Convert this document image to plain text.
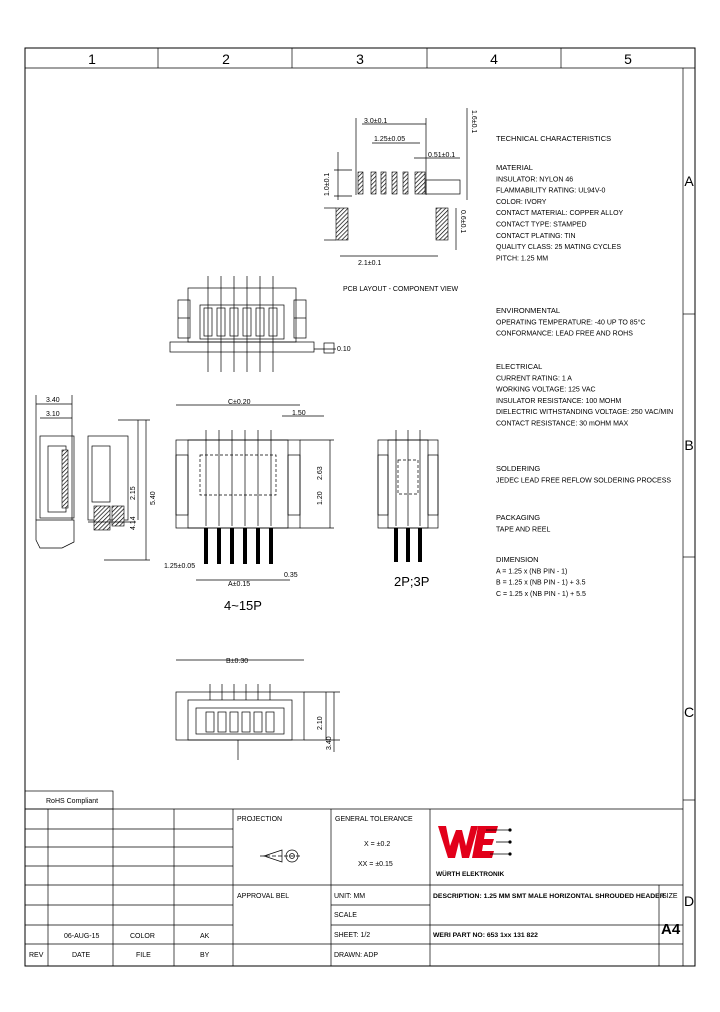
1	2	3	4	5
A
B
C
D
3.0±0.1
1.25±0.05
0.51±0.1
1.0±0.1
1.6±0.1
0.6±0.1
2.1±0.1
PCB LAYOUT - COMPONENT VIEW
0.10
3.40
3.10
2.15
4.14
5.40
C±0.20
1.50
2.63
1.20
1.25±0.05
A±0.15
0.35
4~15P
2P;3P
B±0.30
2.10
3.40
RoHS Compliant
PROJECTION	GENERAL TOLERANCE
X = ±0.2
XX = ±0.15
WÜRTH ELEKTRONIK
APPROVAL BEL	UNIT: MM
SCALE
SHEET: 1/2
DRAWN: ADP
DESCRIPTION: 1.25 MM SMT MALE HORIZONTAL SHROUDED HEADER
WERI PART NO: 653 1xx 131 822
SIZE
A4
06-AUG-15	COLOR	AK
REV	DATE	FILE	BY
TECHNICAL CHARACTERISTICS
MATERIAL
INSULATOR: NYLON 46
FLAMMABILITY RATING: UL94V-0
COLOR: IVORY
CONTACT MATERIAL: COPPER ALLOY
CONTACT TYPE: STAMPED
CONTACT PLATING: TIN
QUALITY CLASS: 25 MATING CYCLES
PITCH: 1.25 MM
ENVIRONMENTAL
OPERATING TEMPERATURE: -40 UP TO 85°C
CONFORMANCE: LEAD FREE AND ROHS
ELECTRICAL
CURRENT RATING: 1 A
WORKING VOLTAGE: 125 VAC
INSULATOR RESISTANCE: 100 MOHM
DIELECTRIC WITHSTANDING VOLTAGE: 250 VAC/MIN
CONTACT RESISTANCE: 30 mOHM MAX
SOLDERING
JEDEC LEAD FREE REFLOW SOLDERING PROCESS
PACKAGING
TAPE AND REEL
DIMENSION
A = 1.25 x (NB PIN - 1)
B = 1.25 x (NB PIN - 1) + 3.5
C = 1.25 x (NB PIN - 1) + 5.5
